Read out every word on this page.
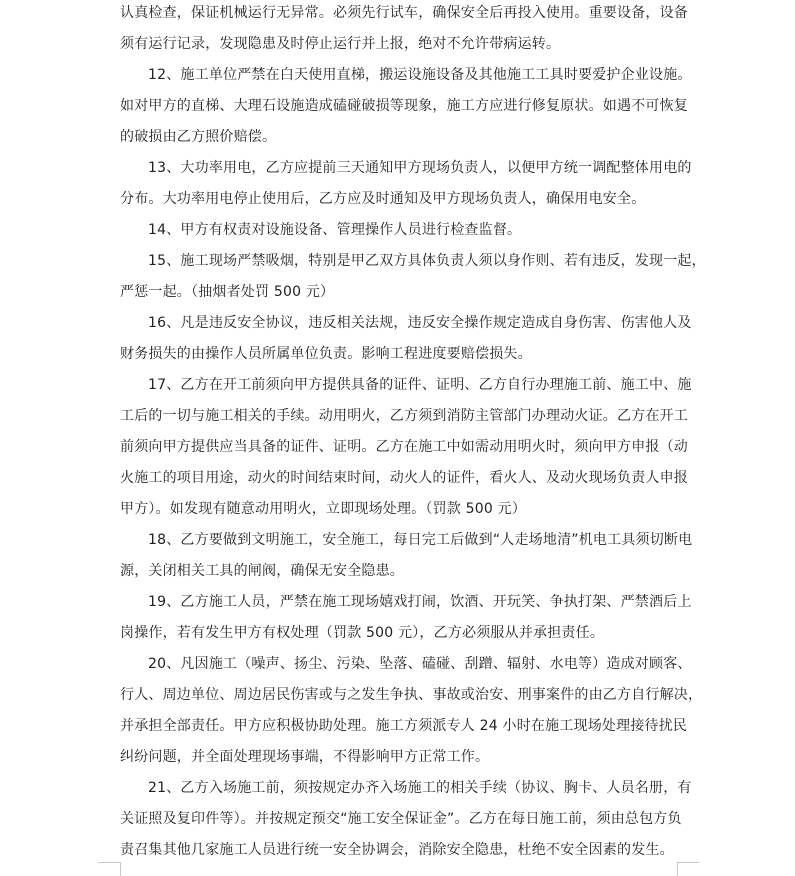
认真检查，保证机械运行无异常。必须先行试车，确保安全后再投入使用。重要设备，设备
须有运行记录，发现隐患及时停止运行并上报，绝对不允许带病运转。
12、施工单位严禁在白天使用直梯，搬运设施设备及其他施工工具时要爱护企业设施。
如对甲方的直梯、大理石设施造成磕碰破损等现象，施工方应进行修复原状。如遇不可恢复
的破损由乙方照价赔偿。
13、大功率用电，乙方应提前三天通知甲方现场负责人，以便甲方统一调配整体用电的
分布。大功率用电停止使用后，乙方应及时通知及甲方现场负责人，确保用电安全。
14、甲方有权责对设施设备、管理操作人员进行检查监督。
15、施工现场严禁吸烟，特别是甲乙双方具体负责人须以身作则、若有违反，发现一起，
严惩一起。（抽烟者处罚 500 元）
16、凡是违反安全协议，违反相关法规，违反安全操作规定造成自身伤害、伤害他人及
财务损失的由操作人员所属单位负责。影响工程进度要赔偿损失。
17、乙方在开工前须向甲方提供具备的证件、证明、乙方自行办理施工前、施工中、施
工后的一切与施工相关的手续。动用明火，乙方须到消防主管部门办理动火证。乙方在开工
前须向甲方提供应当具备的证件、证明。乙方在施工中如需动用明火时，须向甲方申报（动
火施工的项目用途，动火的时间结束时间，动火人的证件，看火人、及动火现场负责人申报
甲方）。如发现有随意动用明火，立即现场处理。（罚款 500 元）
18、乙方要做到文明施工，安全施工，每日完工后做到“人走场地清”机电工具须切断电
源，关闭相关工具的闸阀，确保无安全隐患。
19、乙方施工人员，严禁在施工现场嬉戏打闹，饮酒、开玩笑、争执打架、严禁酒后上
岗操作，若有发生甲方有权处理（罚款 500 元），乙方必须服从并承担责任。
20、凡因施工（噪声、扬尘、污染、坠落、磕碰、刮蹭、辐射、水电等）造成对顾客、
行人、周边单位、周边居民伤害或与之发生争执、事故或治安、刑事案件的由乙方自行解决，
并承担全部责任。甲方应积极协助处理。施工方须派专人 24 小时在施工现场处理接待扰民
纠纷问题，并全面处理现场事端，不得影响甲方正常工作。
21、乙方入场施工前，须按规定办齐入场施工的相关手续（协议、胸卡、人员名册，有
关证照及复印件等）。并按规定预交“施工安全保证金”。乙方在每日施工前，须由总包方负
责召集其他几家施工人员进行统一安全协调会，消除安全隐患，杜绝不安全因素的发生。
